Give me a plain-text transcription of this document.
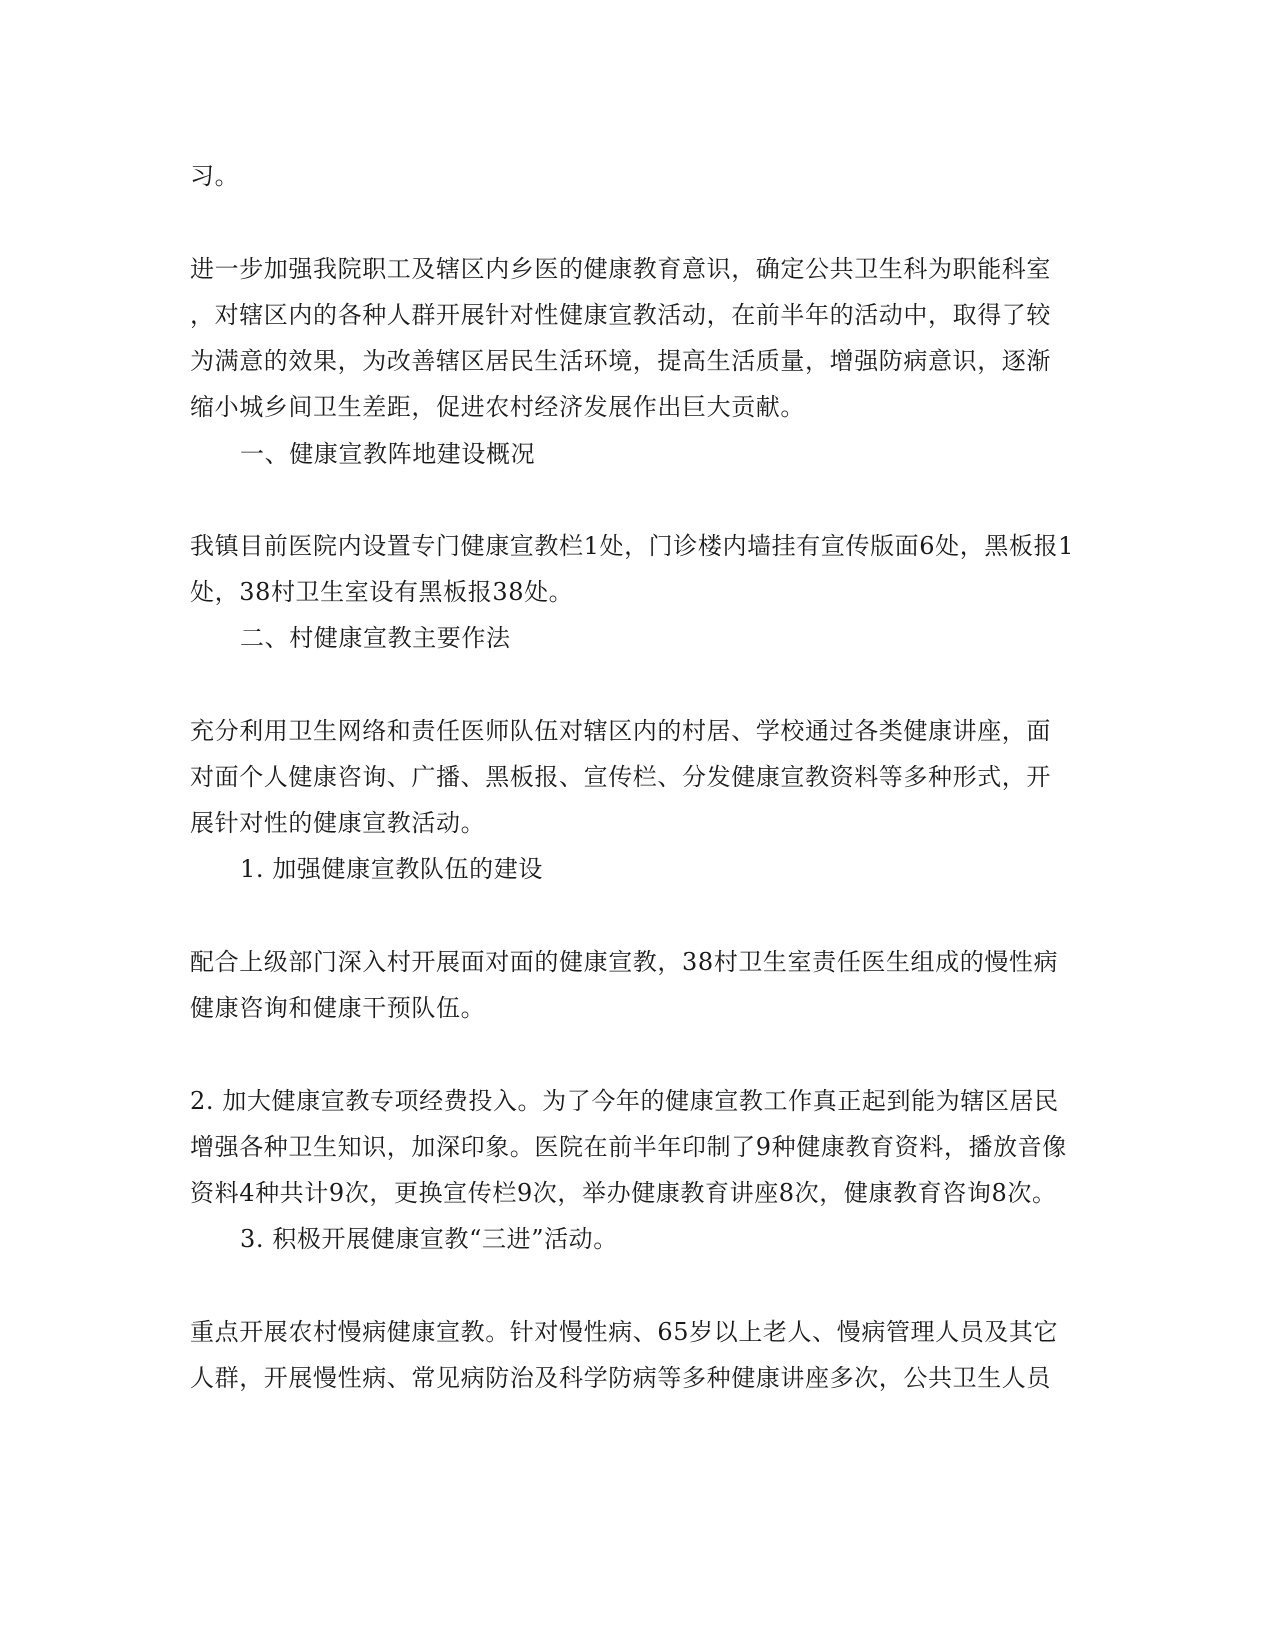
习。
进一步加强我院职工及辖区内乡医的健康教育意识，确定公共卫生科为职能科室
，对辖区内的各种人群开展针对性健康宣教活动，在前半年的活动中，取得了较
为满意的效果，为改善辖区居民生活环境，提高生活质量，增强防病意识，逐渐
缩小城乡间卫生差距，促进农村经济发展作出巨大贡献。
一、健康宣教阵地建设概况
我镇目前医院内设置专门健康宣教栏1处，门诊楼内墙挂有宣传版面6处，黑板报1
处，38村卫生室设有黑板报38处。
二、村健康宣教主要作法
充分利用卫生网络和责任医师队伍对辖区内的村居、学校通过各类健康讲座，面
对面个人健康咨询、广播、黑板报、宣传栏、分发健康宣教资料等多种形式，开
展针对性的健康宣教活动。
1. 加强健康宣教队伍的建设
配合上级部门深入村开展面对面的健康宣教，38村卫生室责任医生组成的慢性病
健康咨询和健康干预队伍。
2. 加大健康宣教专项经费投入。为了今年的健康宣教工作真正起到能为辖区居民
增强各种卫生知识，加深印象。医院在前半年印制了9种健康教育资料，播放音像
资料4种共计9次，更换宣传栏9次，举办健康教育讲座8次，健康教育咨询8次。
3. 积极开展健康宣教“三进”活动。
重点开展农村慢病健康宣教。针对慢性病、65岁以上老人、慢病管理人员及其它
人群，开展慢性病、常见病防治及科学防病等多种健康讲座多次，公共卫生人员
